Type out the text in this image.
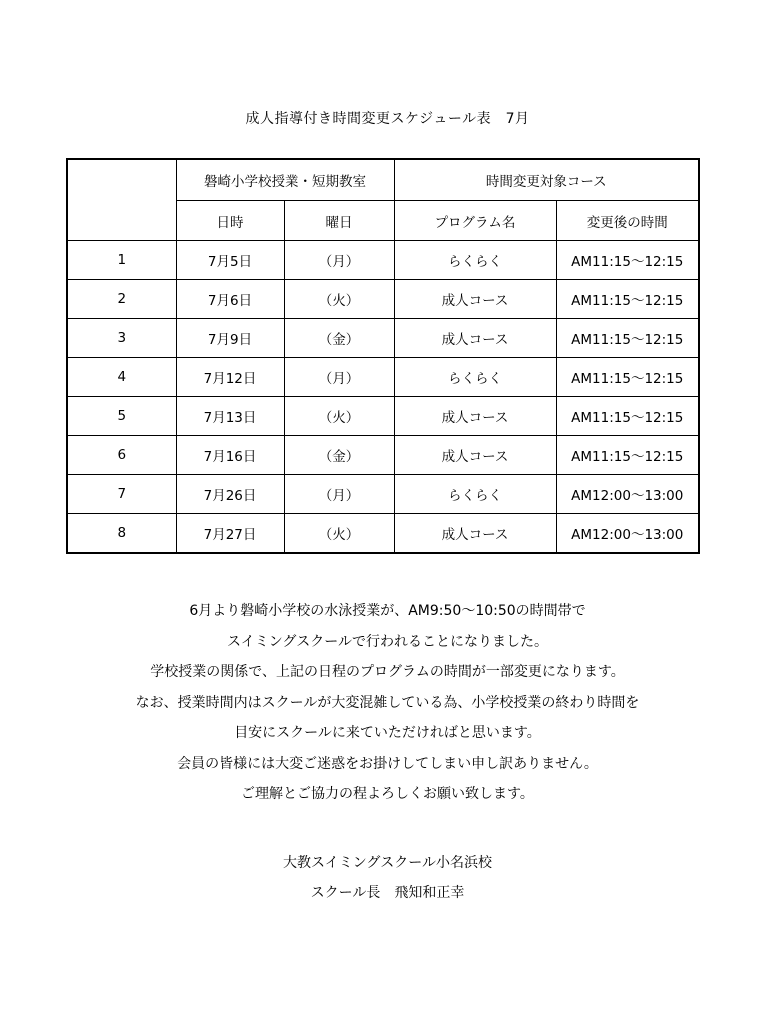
成人指導付き時間変更スケジュール表　7月
	磐崎小学校授業・短期教室		時間変更対象コース	
	日時	曜日	プログラム名	変更後の時間
1	7月5日	（月）	らくらく	AM11:15～12:15
2	7月6日	（火）	成人コース	AM11:15～12:15
3	7月9日	（金）	成人コース	AM11:15～12:15
4	7月12日	（月）	らくらく	AM11:15～12:15
5	7月13日	（火）	成人コース	AM11:15～12:15
6	7月16日	（金）	成人コース	AM11:15～12:15
7	7月26日	（月）	らくらく	AM12:00～13:00
8	7月27日	（火）	成人コース	AM12:00～13:00

6月より磐崎小学校の水泳授業が、AM9:50～10:50の時間帯で

スイミングスクールで行われることになりました。

学校授業の関係で、上記の日程のプログラムの時間が一部変更になります。

なお、授業時間内はスクールが大変混雑している為、小学校授業の終わり時間を

目安にスクールに来ていただければと思います。

会員の皆様には大変ご迷惑をお掛けしてしまい申し訳ありません。

ご理解とご協力の程よろしくお願い致します。

大教スイミングスクール小名浜校

スクール長　飛知和正幸
